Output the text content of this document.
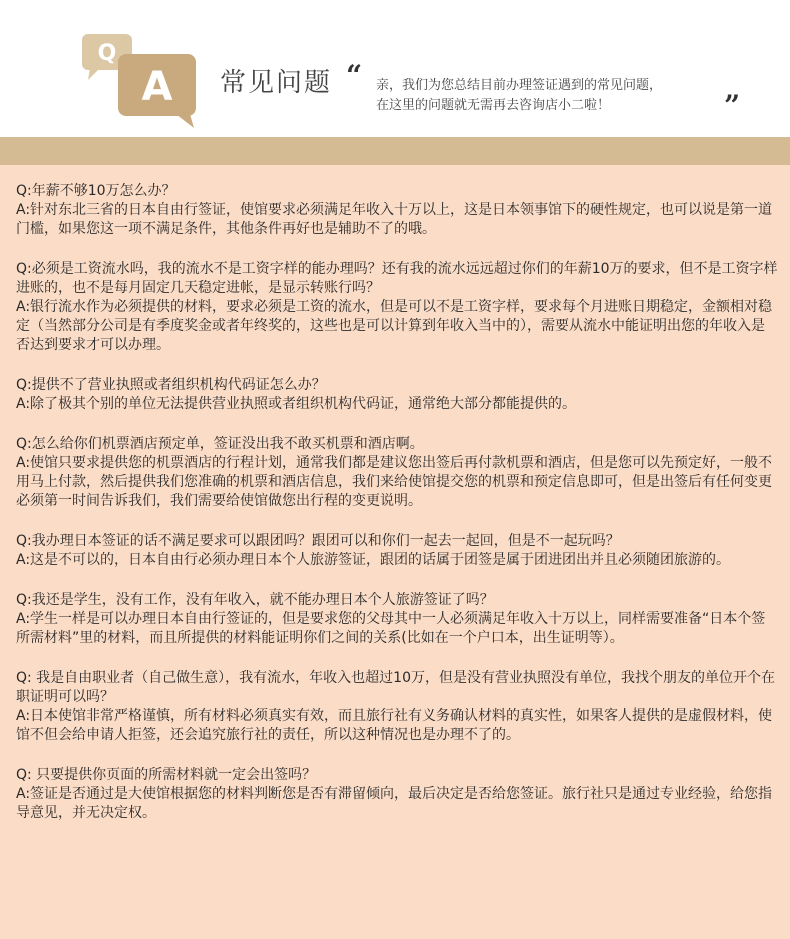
Q
A 常见问题 “ 亲，我们为您总结目前办理签证遇到的常见问题，
在这里的问题就无需再去咨询店小二啦！	”

Q:年薪不够10万怎么办？

A:针对东北三省的日本自由行签证，使馆要求必须满足年收入十万以上，这是日本领事馆下的硬性规定，也可以说是第一道门槛，如果您这一项不满足条件，其他条件再好也是辅助不了的哦。

Q:必须是工资流水吗，我的流水不是工资字样的能办理吗？还有我的流水远远超过你们的年薪10万的要求，但不是工资字样进账的，也不是每月固定几天稳定进帐，是显示转账行吗？

A:银行流水作为必须提供的材料，要求必须是工资的流水，但是可以不是工资字样，要求每个月进账日期稳定，金额相对稳定（当然部分公司是有季度奖金或者年终奖的，这些也是可以计算到年收入当中的），需要从流水中能证明出您的年收入是否达到要求才可以办理。

Q:提供不了营业执照或者组织机构代码证怎么办？

A:除了极其个别的单位无法提供营业执照或者组织机构代码证，通常绝大部分都能提供的。

Q:怎么给你们机票酒店预定单，签证没出我不敢买机票和酒店啊。

A:使馆只要求提供您的机票酒店的行程计划，通常我们都是建议您出签后再付款机票和酒店，但是您可以先预定好，一般不用马上付款，然后提供我们您准确的机票和酒店信息，我们来给使馆提交您的机票和预定信息即可，但是出签后有任何变更必须第一时间告诉我们，我们需要给使馆做您出行程的变更说明。

Q:我办理日本签证的话不满足要求可以跟团吗？跟团可以和你们一起去一起回，但是不一起玩吗？

A:这是不可以的，日本自由行必须办理日本个人旅游签证，跟团的话属于团签是属于团进团出并且必须随团旅游的。

Q:我还是学生，没有工作，没有年收入，就不能办理日本个人旅游签证了吗？

A:学生一样是可以办理日本自由行签证的，但是要求您的父母其中一人必须满足年收入十万以上，同样需要准备“日本个签所需材料”里的材料，而且所提供的材料能证明你们之间的关系(比如在一个户口本，出生证明等）。

Q: 我是自由职业者（自己做生意），我有流水，年收入也超过10万，但是没有营业执照没有单位，我找个朋友的单位开个在职证明可以吗？

A:日本使馆非常严格谨慎，所有材料必须真实有效，而且旅行社有义务确认材料的真实性，如果客人提供的是虚假材料，使馆不但会给申请人拒签，还会追究旅行社的责任，所以这种情况也是办理不了的。

Q: 只要提供你页面的所需材料就一定会出签吗？

A:签证是否通过是大使馆根据您的材料判断您是否有滞留倾向，最后决定是否给您签证。旅行社只是通过专业经验，给您指导意见，并无决定权。
